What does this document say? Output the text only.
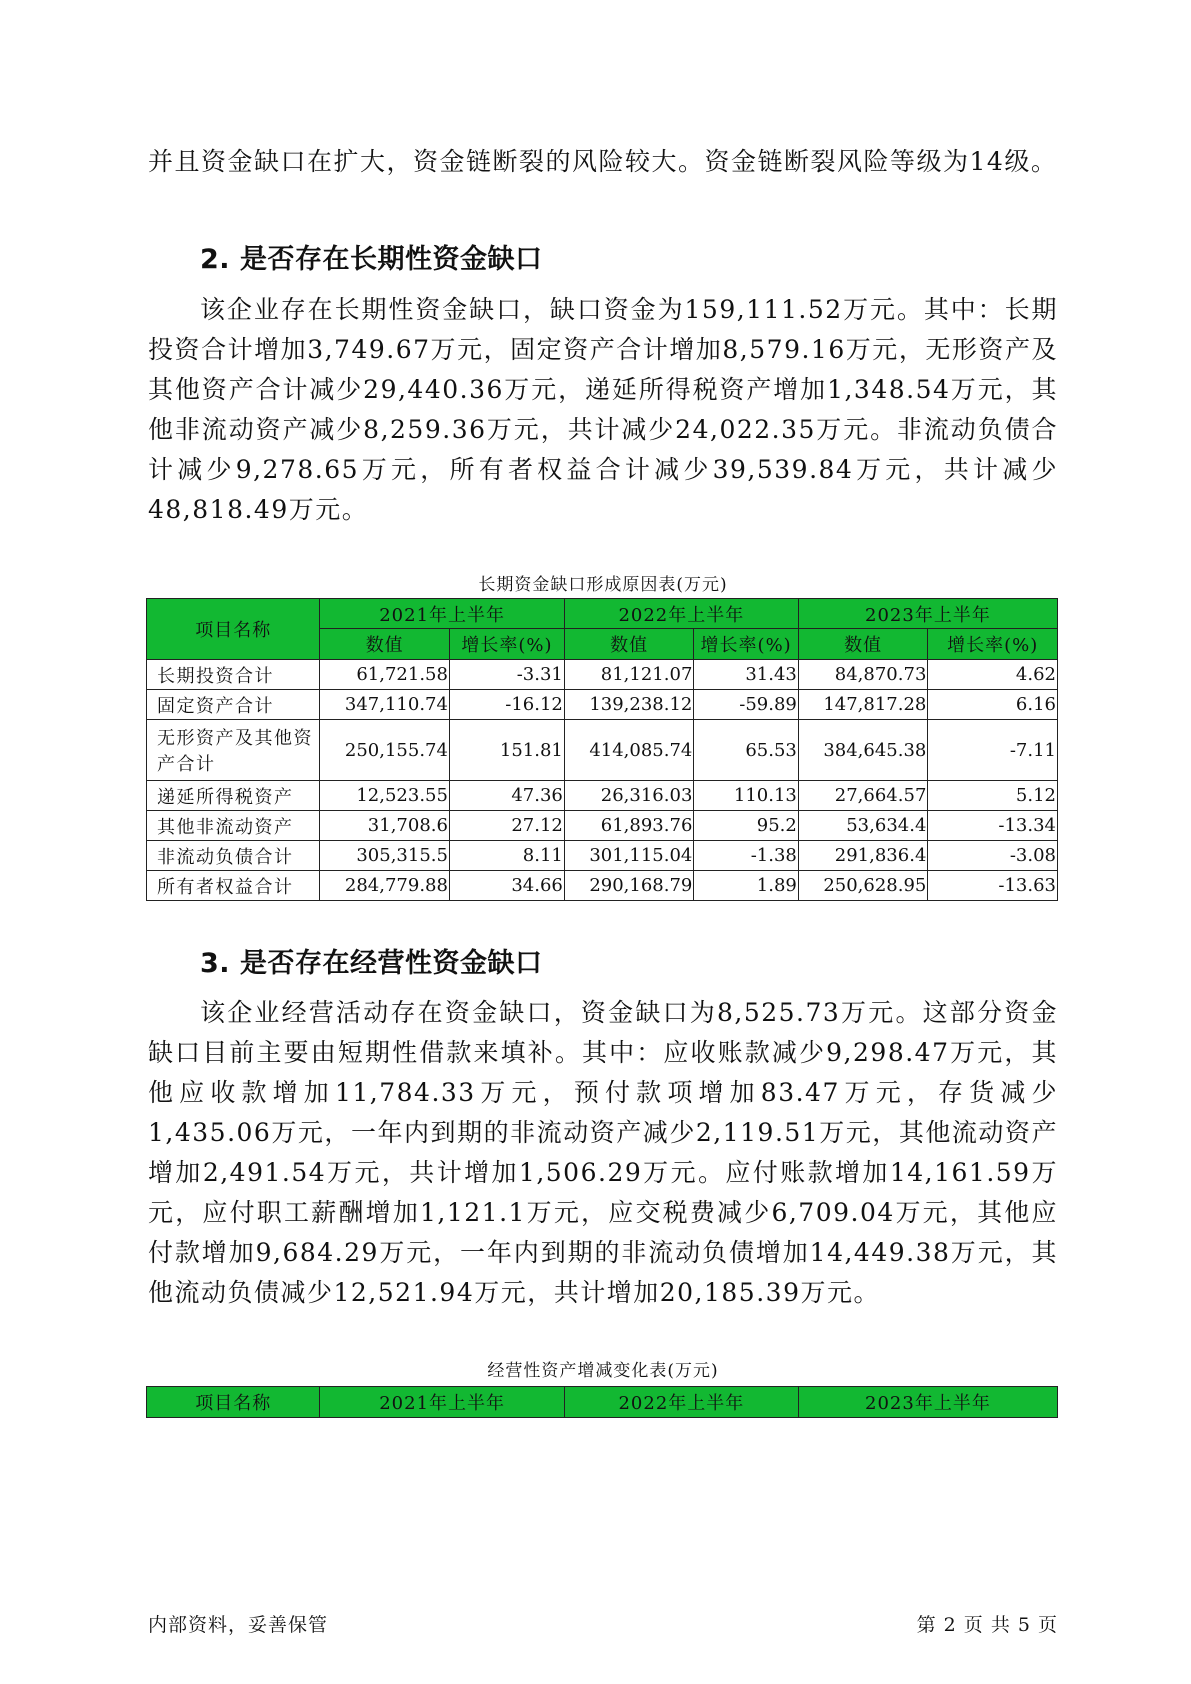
并且资金缺口在扩大，资金链断裂的风险较大。资金链断裂风险等级为14级。

2. 是否存在长期性资金缺口

该企业存在长期性资金缺口，缺口资金为159,111.52万元。其中：长期投资合计增加3,749.67万元，固定资产合计增加8,579.16万元，无形资产及其他资产合计减少29,440.36万元，递延所得税资产增加1,348.54万元，其他非流动资产减少8,259.36万元，共计减少24,022.35万元。非流动负债合计减少9,278.65万元，所有者权益合计减少39,539.84万元，共计减少48,818.49万元。

长期资金缺口形成原因表(万元)
项目名称	2021年上半年		2022年上半年		2023年上半年	
	数值	增长率(%)	数值	增长率(%)	数值	增长率(%)
长期投资合计	61,721.58	-3.31	81,121.07	31.43	84,870.73	4.62
固定资产合计	347,110.74	-16.12	139,238.12	-59.89	147,817.28	6.16
无形资产及其他资产合计	250,155.74	151.81	414,085.74	65.53	384,645.38	-7.11
递延所得税资产	12,523.55	47.36	26,316.03	110.13	27,664.57	5.12
其他非流动资产	31,708.6	27.12	61,893.76	95.2	53,634.4	-13.34
非流动负债合计	305,315.5	8.11	301,115.04	-1.38	291,836.4	-3.08
所有者权益合计	284,779.88	34.66	290,168.79	1.89	250,628.95	-13.63
3. 是否存在经营性资金缺口

该企业经营活动存在资金缺口，资金缺口为8,525.73万元。这部分资金缺口目前主要由短期性借款来填补。其中：应收账款减少9,298.47万元，其他应收款增加11,784.33万元，预付款项增加83.47万元，存货减少1,435.06万元，一年内到期的非流动资产减少2,119.51万元，其他流动资产增加2,491.54万元，共计增加1,506.29万元。应付账款增加14,161.59万元，应付职工薪酬增加1,121.1万元，应交税费减少6,709.04万元，其他应付款增加9,684.29万元，一年内到期的非流动负债增加14,449.38万元，其他流动负债减少12,521.94万元，共计增加20,185.39万元。

经营性资产增减变化表(万元)
项目名称	2021年上半年	2022年上半年	2023年上半年
内部资料，妥善保管	第 2 页 共 5 页
